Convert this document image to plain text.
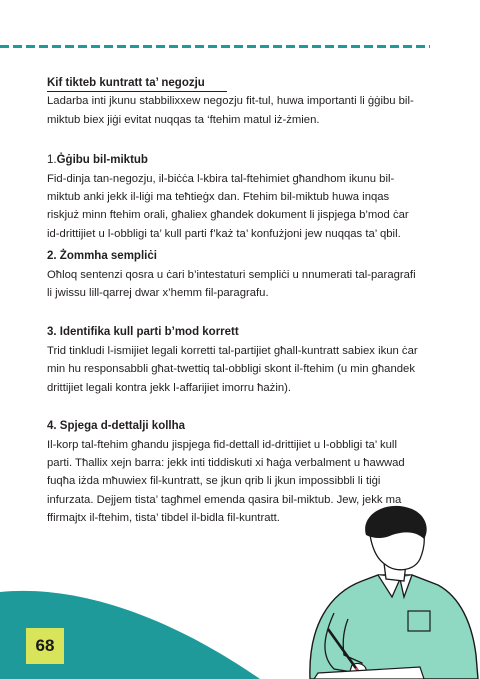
Kif tikteb kuntratt ta’ negozju

Ladarba inti jkunu stabbilixxew negozju fit-tul, huwa importanti li ġġibu bil-miktub biex jiġi evitat nuqqas ta ‘ftehim matul iż-żmien.

1.Ġġibu bil-miktub

Fid-dinja tan-negozju, il-biċċa l-kbira tal-ftehimiet għandhom ikunu bil-miktub anki jekk il-liġi ma teħtieġx dan. Ftehim bil-miktub huwa inqas riskjuż minn ftehim orali, għaliex għandek dokument li jispjega b’mod ċar id-drittijiet u l-obbligi ta’ kull parti f’każ ta’ konfużjoni jew nuqqas ta’ qbil.

2. Żommha sempliċi

Oħloq sentenzi qosra u ċari b’intestaturi sempliċi u nnumerati tal-paragrafi li jwissu lill-qarrej dwar x’hemm fil-paragrafu.

3. Identifika kull parti b’mod korrett

Trid tinkludi l-ismijiet legali korretti tal-partijiet għall-kuntratt sabiex ikun ċar min hu responsabbli għat-twettiq tal-obbligi skont il-ftehim (u min għandek drittijiet legali kontra jekk l-affarijiet imorru ħażin).

4. Spjega d-dettalji kollha

Il-korp tal-ftehim għandu jispjega fid-dettall id-drittijiet u l-obbligi ta’ kull parti. Tħallix xejn barra: jekk inti tiddiskuti xi ħaġa verbalment u ħawwad fuqħa iżda mħuwiex fil-kuntratt, se jkun qrib li jkun impossibbli li tiġi infurzata. Dejjem tista’ tagħmel emenda qasira bil-miktub. Jew, jekk ma ffirmajtx il-ftehim, tista’ tibdel il-bidla fil-kuntratt.

68
